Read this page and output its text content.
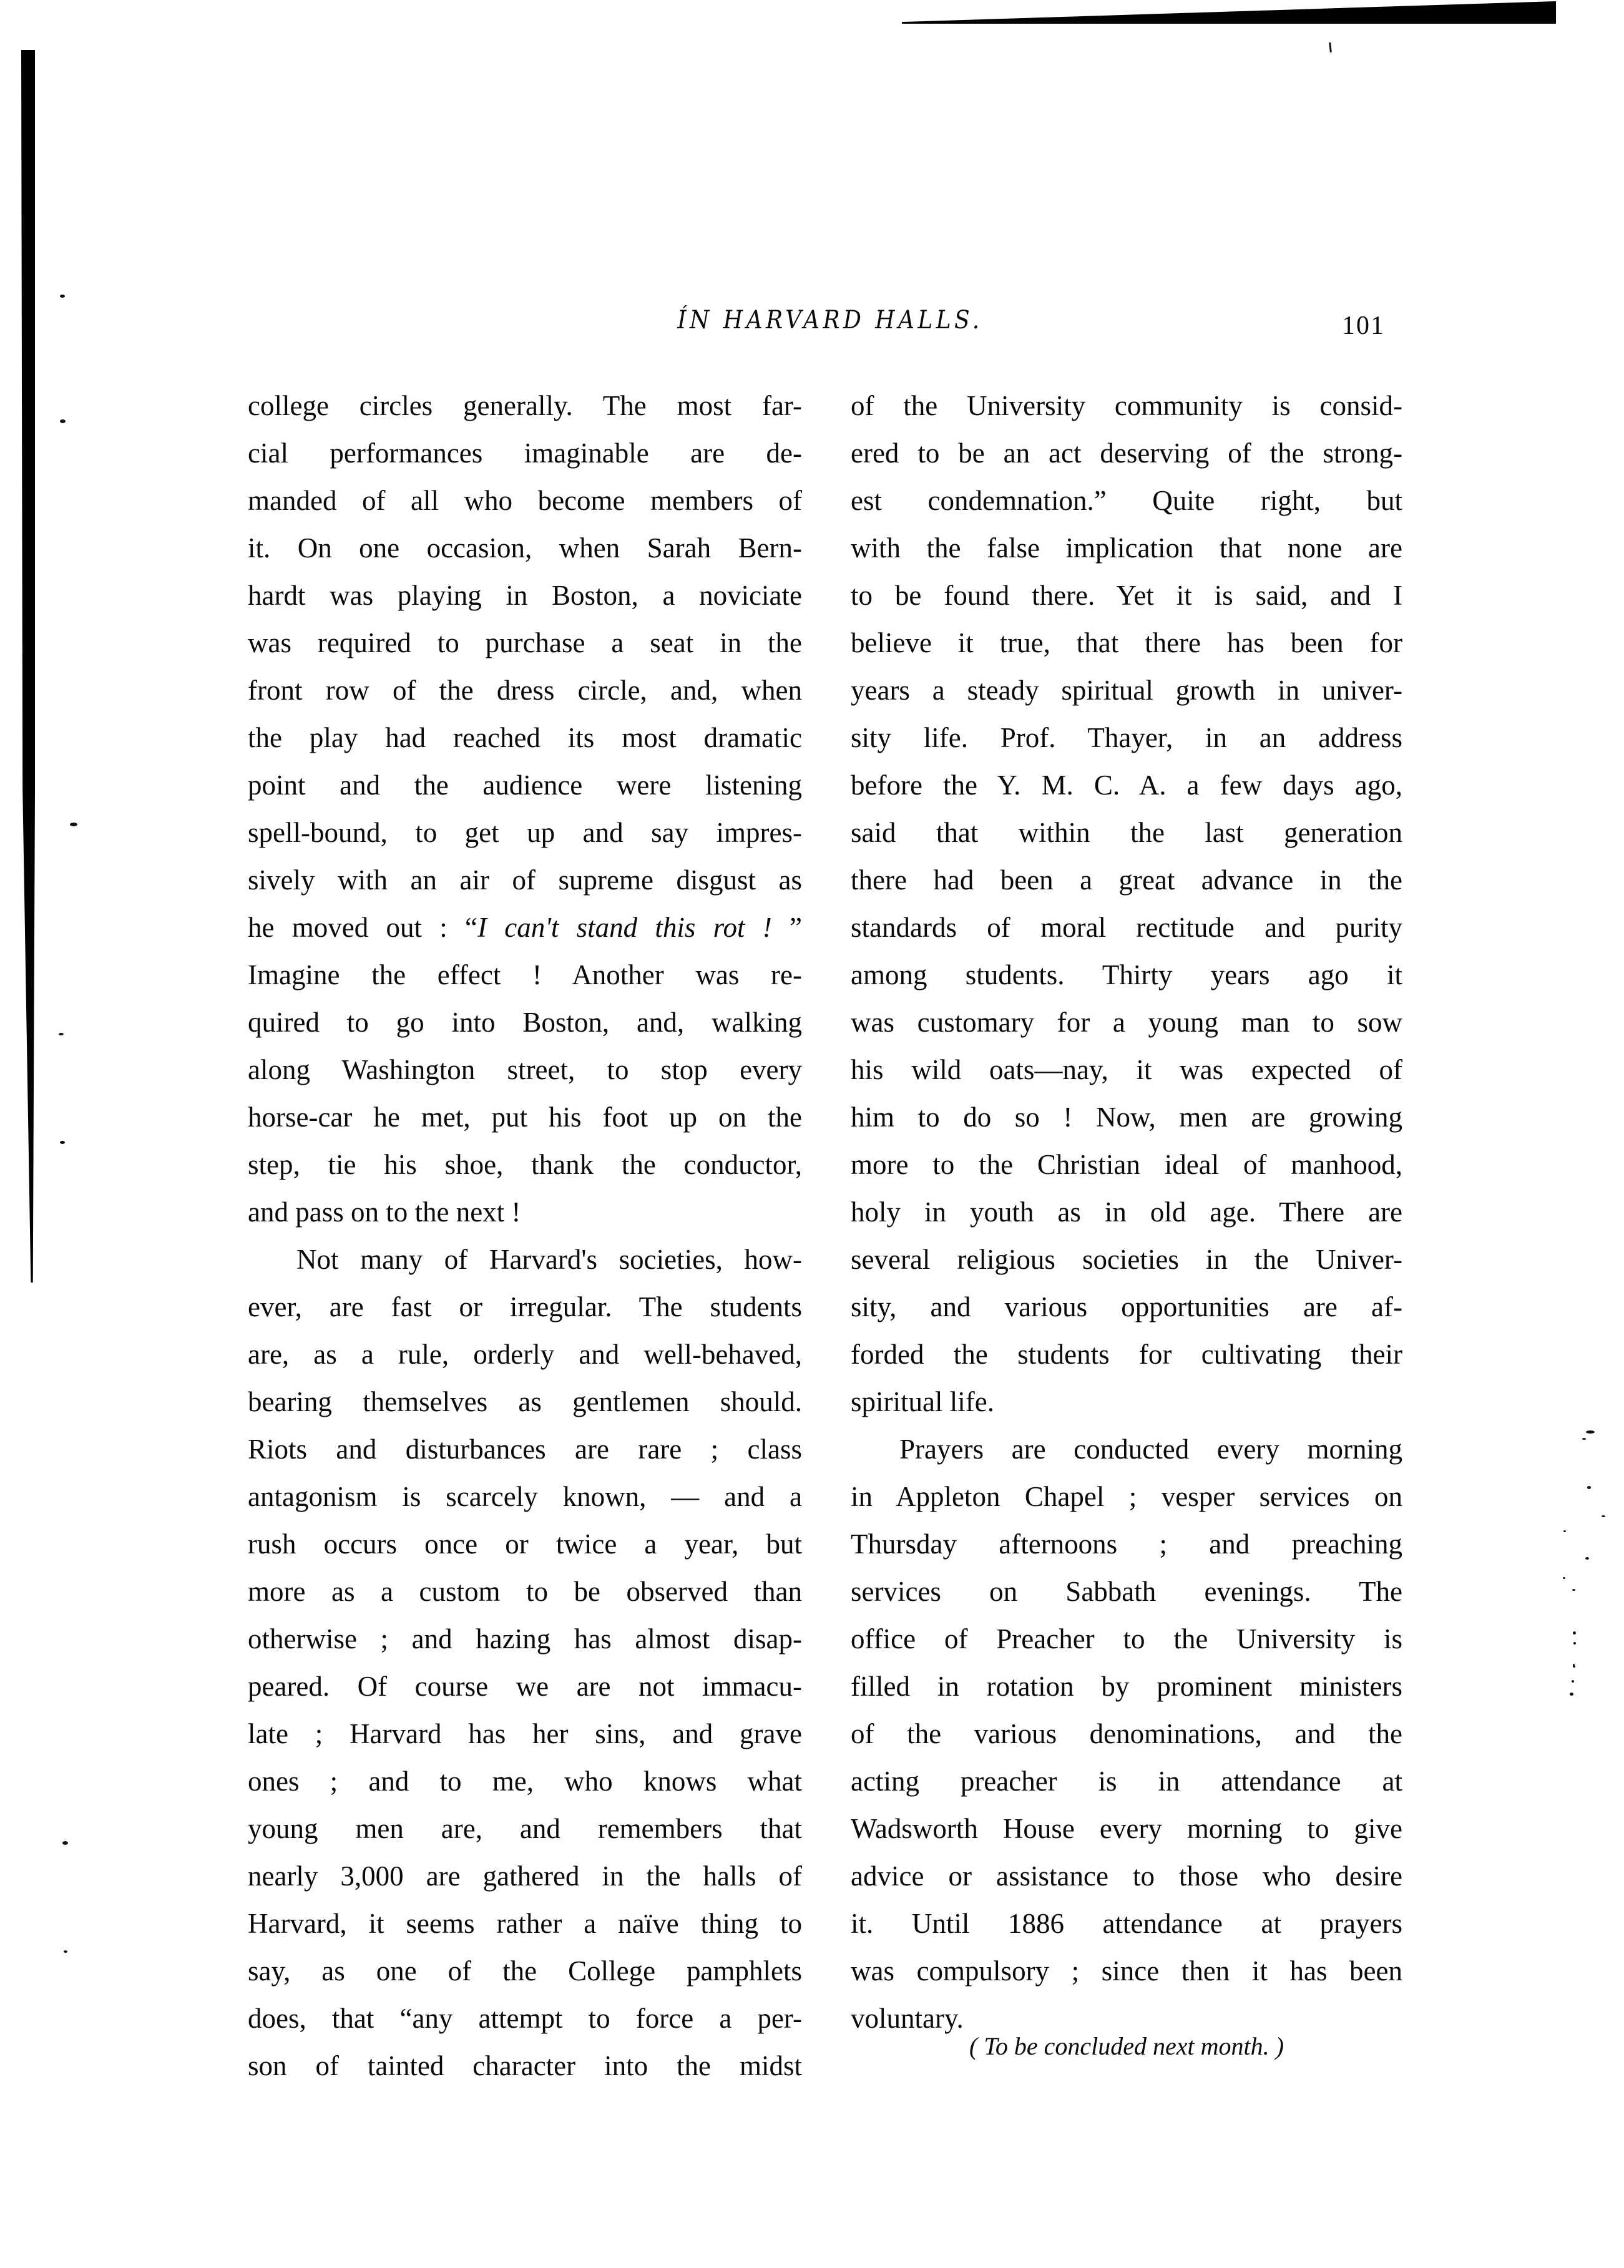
ÍN HARVARD HALLS.	101
college circles generally. The most far-
cial performances imaginable are de-
manded of all who become members of
it. On one occasion, when Sarah Bern-
hardt was playing in Boston, a noviciate
was required to purchase a seat in the
front row of the dress circle, and, when
the play had reached its most dramatic
point and the audience were listening
spell-bound, to get up and say impres-
sively with an air of supreme disgust as
he moved out : “I can't stand this rot ! ”
Imagine the effect ! Another was re-
quired to go into Boston, and, walking
along Washington street, to stop every
horse-car he met, put his foot up on the
step, tie his shoe, thank the conductor,
and pass on to the next !
Not many of Harvard's societies, how-
ever, are fast or irregular. The students
are, as a rule, orderly and well-behaved,
bearing themselves as gentlemen should.
Riots and disturbances are rare ; class
antagonism is scarcely known, — and a
rush occurs once or twice a year, but
more as a custom to be observed than
otherwise ; and hazing has almost disap-
peared. Of course we are not immacu-
late ; Harvard has her sins, and grave
ones ; and to me, who knows what
young men are, and remembers that
nearly 3,000 are gathered in the halls of
Harvard, it seems rather a naïve thing to
say, as one of the College pamphlets
does, that “any attempt to force a per-
son of tainted character into the midst
of the University community is consid-
ered to be an act deserving of the strong-
est condemnation.” Quite right, but
with the false implication that none are
to be found there. Yet it is said, and I
believe it true, that there has been for
years a steady spiritual growth in univer-
sity life. Prof. Thayer, in an address
before the Y. M. C. A. a few days ago,
said that within the last generation
there had been a great advance in the
standards of moral rectitude and purity
among students. Thirty years ago it
was customary for a young man to sow
his wild oats—nay, it was expected of
him to do so ! Now, men are growing
more to the Christian ideal of manhood,
holy in youth as in old age. There are
several religious societies in the Univer-
sity, and various opportunities are af-
forded the students for cultivating their
spiritual life.
Prayers are conducted every morning
in Appleton Chapel ; vesper services on
Thursday afternoons ; and preaching
services on Sabbath evenings. The
office of Preacher to the University is
filled in rotation by prominent ministers
of the various denominations, and the
acting preacher is in attendance at
Wadsworth House every morning to give
advice or assistance to those who desire
it. Until 1886 attendance at prayers
was compulsory ; since then it has been
voluntary.
( To be concluded next month. )
